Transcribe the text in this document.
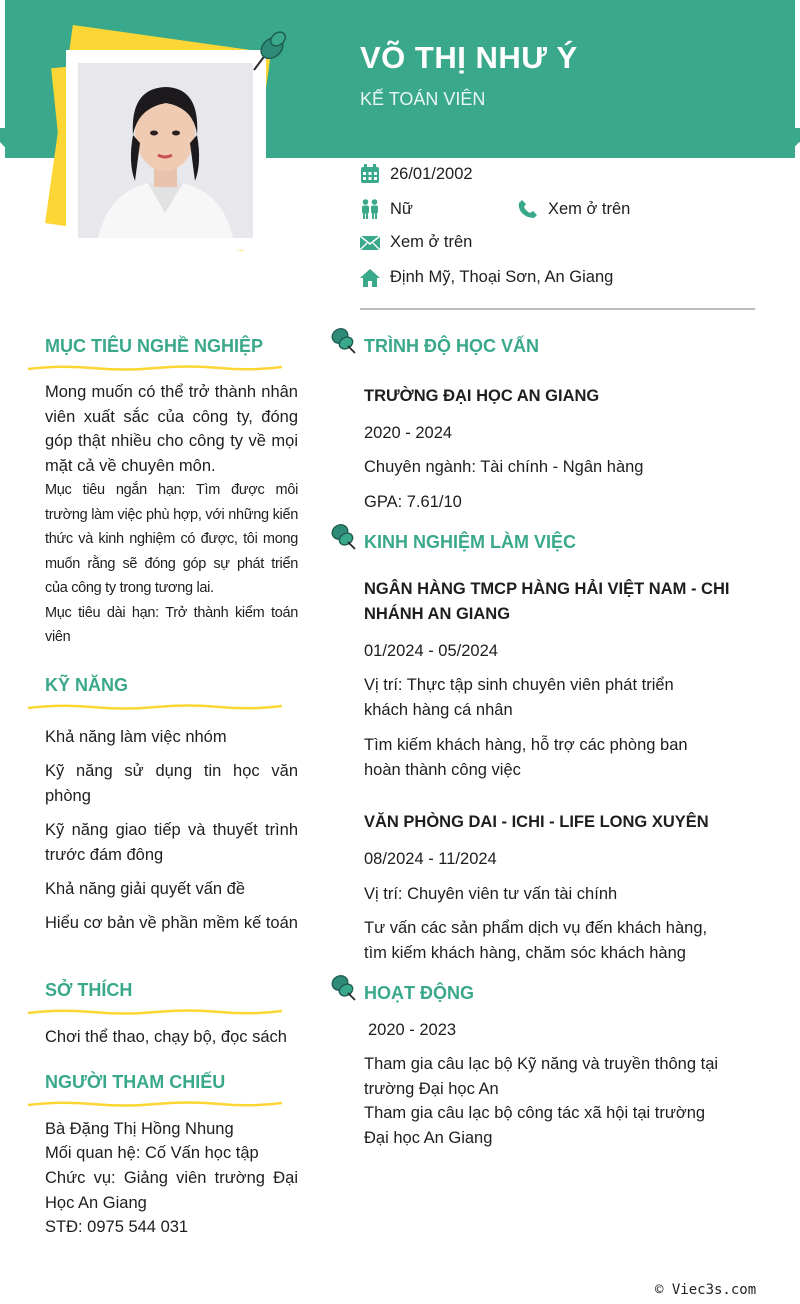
VÕ THỊ NHƯ Ý
KẾ TOÁN VIÊN
26/01/2002
Nữ	Xem ở trên
Xem ở trên
Định Mỹ, Thoại Sơn, An Giang
MỤC TIÊU NGHỀ NGHIỆP

Mong muốn có thể trở thành nhân viên xuất sắc của công ty, đóng góp thật nhiều cho công ty về mọi mặt cả về chuyên môn.

Mục tiêu ngắn hạn: Tìm được môi trường làm việc phù hợp, với những kiến thức và kinh nghiệm có được, tôi mong muốn rằng sẽ đóng góp sự phát triển của công ty trong tương lai.

Mục tiêu dài hạn: Trở thành kiểm toán viên

KỸ NĂNG
Khả năng làm việc nhóm
Kỹ năng sử dụng tin học văn phòng
Kỹ năng giao tiếp và thuyết trình trước đám đông
Khả năng giải quyết vấn đề
Hiểu cơ bản về phần mềm kế toán
SỞ THÍCH
Chơi thể thao, chạy bộ, đọc sách
NGƯỜI THAM CHIẾU
Bà Đặng Thị Hồng Nhung
Mối quan hệ: Cố Vấn học tập
Chức vụ: Giảng viên trường Đại Học An Giang
STĐ: 0975 544 031
TRÌNH ĐỘ HỌC VẤN
TRƯỜNG ĐẠI HỌC AN GIANG
2020 - 2024
Chuyên ngành: Tài chính - Ngân hàng
GPA: 7.61/10
KINH NGHIỆM LÀM VIỆC
NGÂN HÀNG TMCP HÀNG HẢI VIỆT NAM - CHI NHÁNH AN GIANG
01/2024 - 05/2024
Vị trí: Thực tập sinh chuyên viên phát triển khách hàng cá nhân
Tìm kiếm khách hàng, hỗ trợ các phòng ban hoàn thành công việc
VĂN PHÒNG DAI - ICHI - LIFE LONG XUYÊN
08/2024 - 11/2024
Vị trí: Chuyên viên tư vấn tài chính
Tư vấn các sản phẩm dịch vụ đến khách hàng, tìm kiếm khách hàng, chăm sóc khách hàng
HOẠT ĐỘNG
2020 - 2023
Tham gia câu lạc bộ Kỹ năng và truyền thông tại trường Đại học An
Tham gia câu lạc bộ công tác xã hội tại trường Đại học An Giang
© Viec3s.com
